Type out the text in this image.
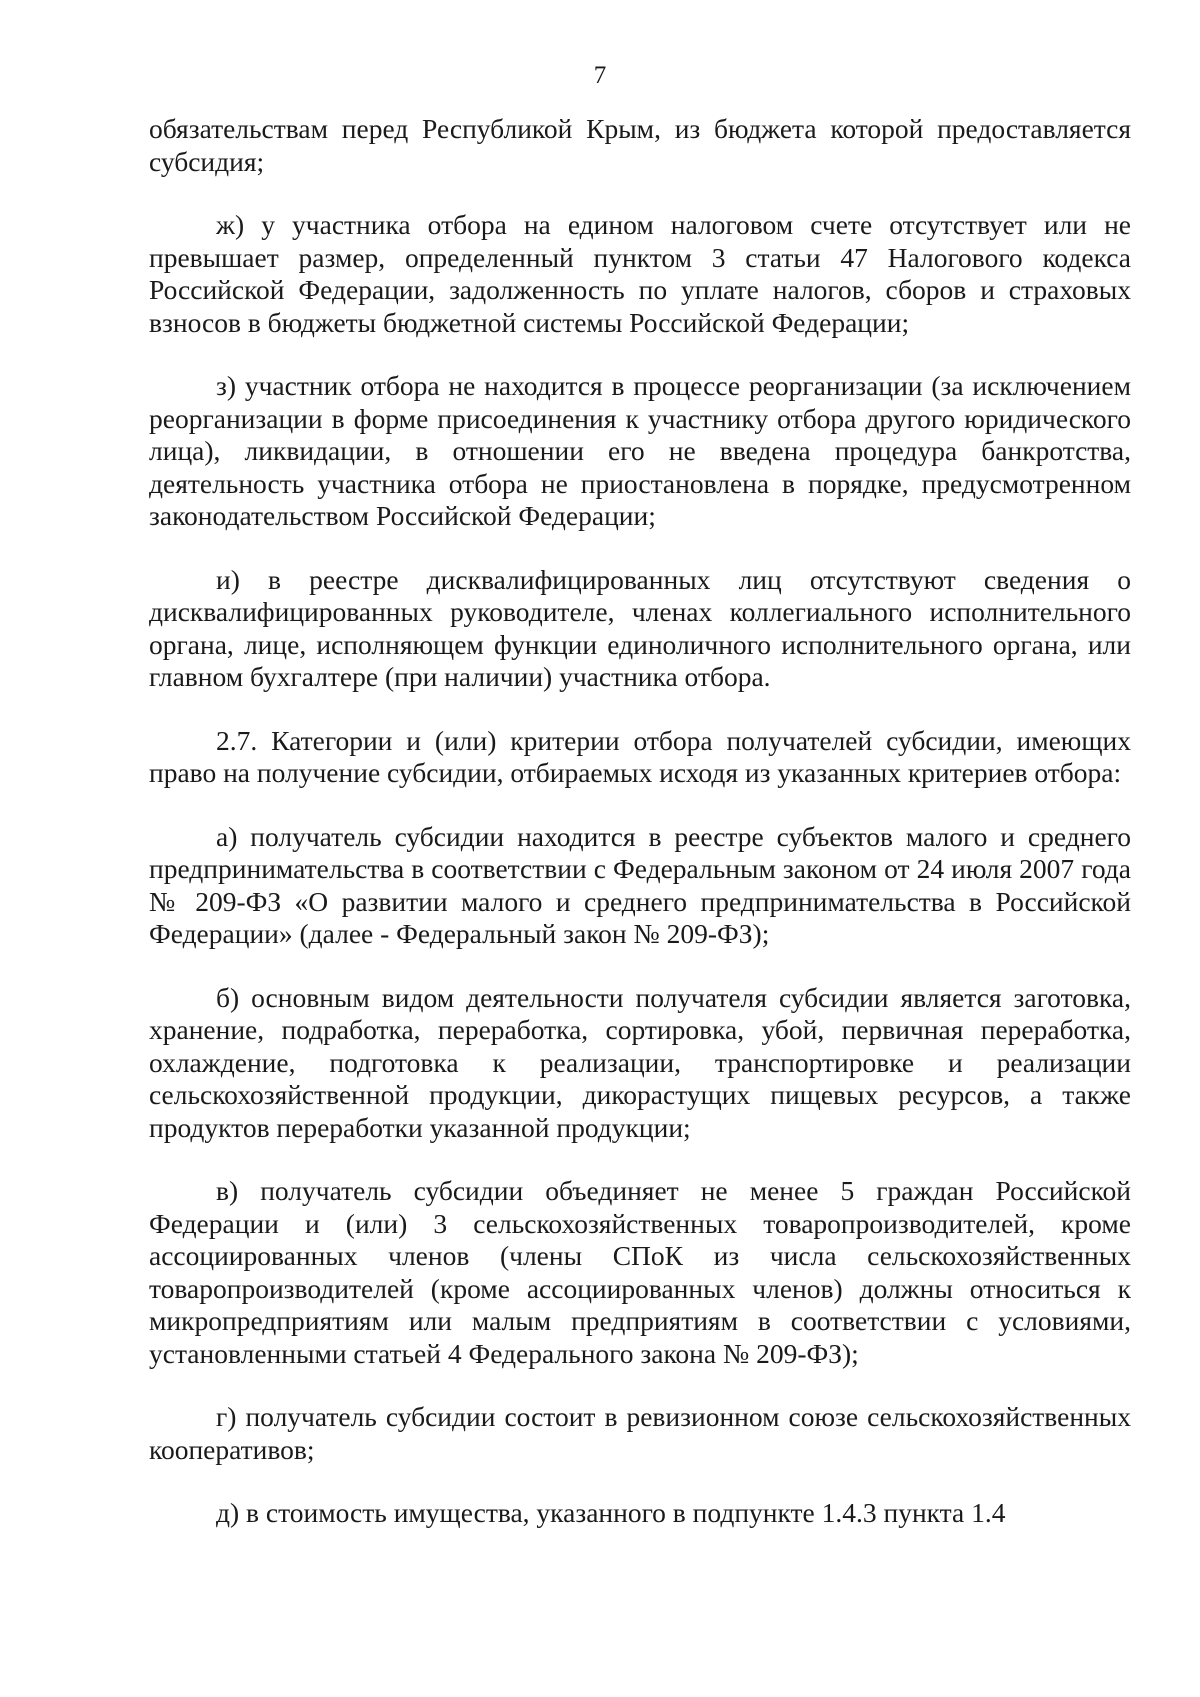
7

обязательствам перед Республикой Крым, из бюджета которой предоставляется субсидия;

ж) у участника отбора на едином налоговом счете отсутствует или не превышает размер, определенный пунктом 3 статьи 47 Налогового кодекса Российской Федерации, задолженность по уплате налогов, сборов и страховых взносов в бюджеты бюджетной системы Российской Федерации;

з) участник отбора не находится в процессе реорганизации (за исключением реорганизации в форме присоединения к участнику отбора другого юридического лица), ликвидации, в отношении его не введена процедура банкротства, деятельность участника отбора не приостановлена в порядке, предусмотренном законодательством Российской Федерации;

и) в реестре дисквалифицированных лиц отсутствуют сведения о дисквалифицированных руководителе, членах коллегиального исполнительного органа, лице, исполняющем функции единоличного исполнительного органа, или главном бухгалтере (при наличии) участника отбора.

2.7. Категории и (или) критерии отбора получателей субсидии, имеющих право на получение субсидии, отбираемых исходя из указанных критериев отбора:

а) получатель субсидии находится в реестре субъектов малого и среднего предпринимательства в соответствии с Федеральным законом от 24 июля 2007 года № 209-ФЗ «О развитии малого и среднего предпринимательства в Российской Федерации» (далее - Федеральный закон № 209-ФЗ);

б) основным видом деятельности получателя субсидии является заготовка, хранение, подработка, переработка, сортировка, убой, первичная переработка, охлаждение, подготовка к реализации, транспортировке и реализации сельскохозяйственной продукции, дикорастущих пищевых ресурсов, а также продуктов переработки указанной продукции;

в) получатель субсидии объединяет не менее 5 граждан Российской Федерации и (или) 3 сельскохозяйственных товаропроизводителей, кроме ассоциированных членов (члены СПоК из числа сельскохозяйственных товаропроизводителей (кроме ассоциированных членов) должны относиться к микропредприятиям или малым предприятиям в соответствии с условиями, установленными статьей 4 Федерального закона № 209-ФЗ);

г) получатель субсидии состоит в ревизионном союзе сельскохозяйственных кооперативов;

д) в стоимость имущества, указанного в подпункте 1.4.3 пункта 1.4
